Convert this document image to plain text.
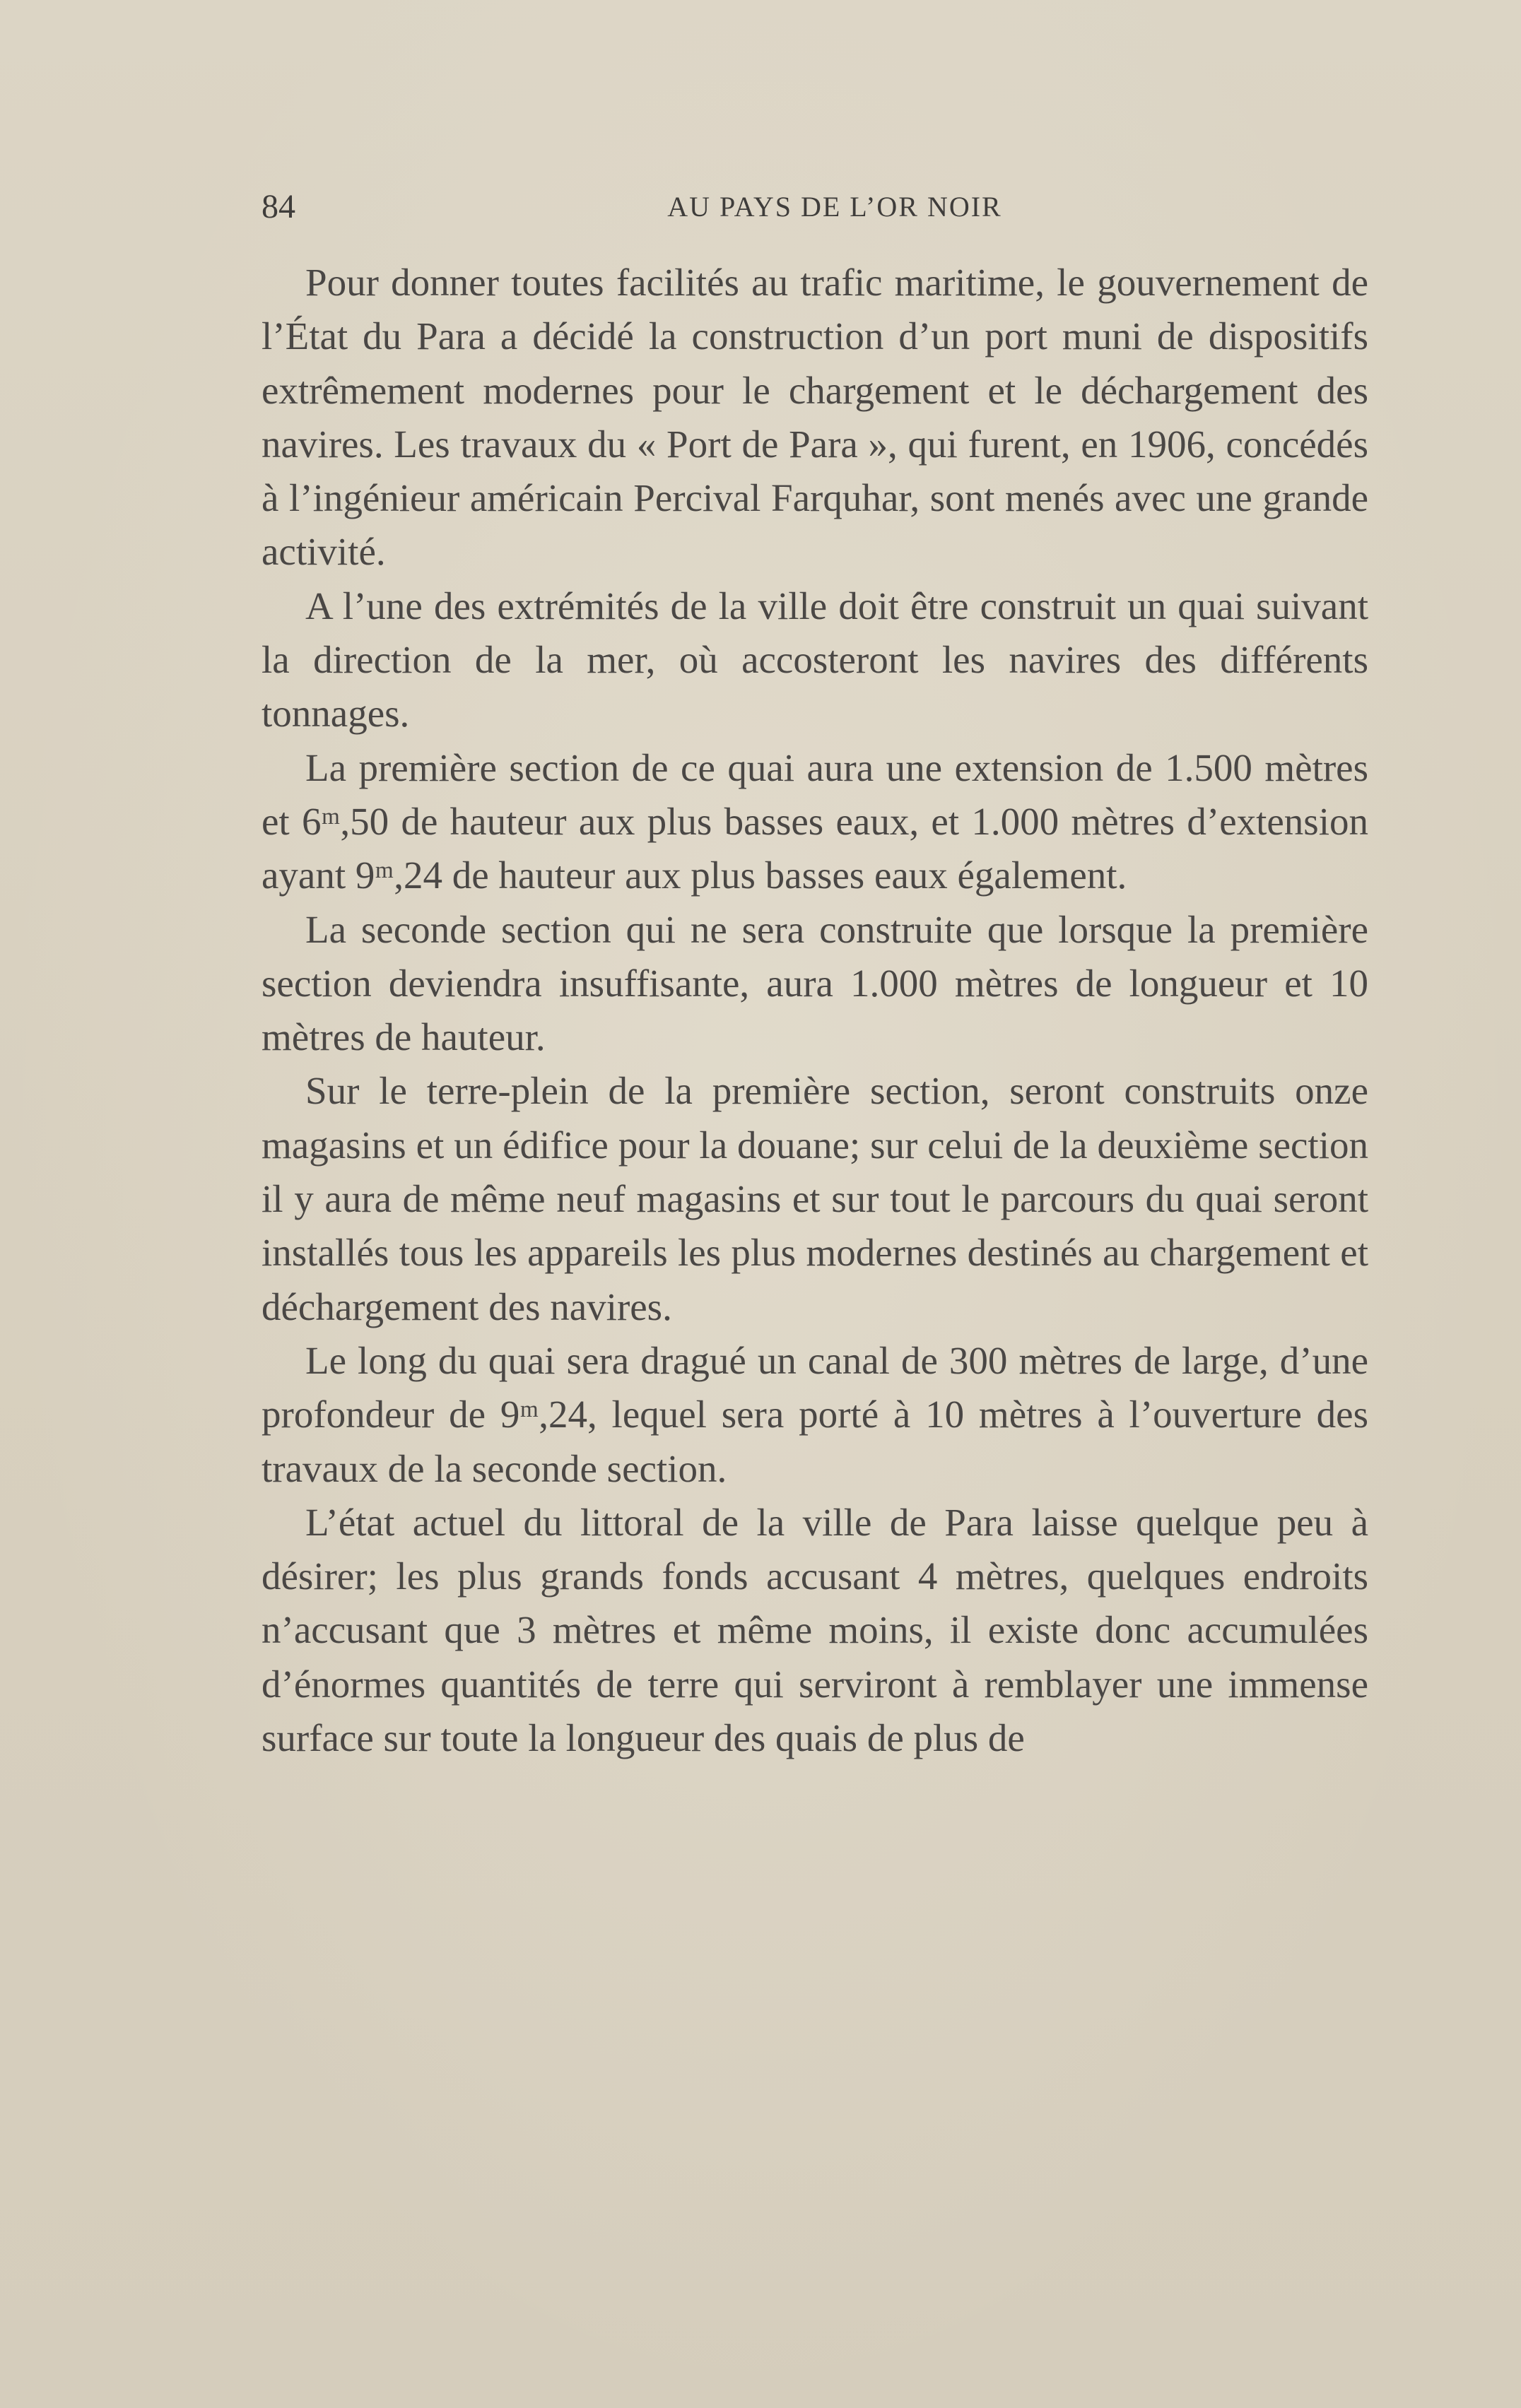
84	AU PAYS DE L’OR NOIR

Pour donner toutes facilités au trafic maritime, le gouvernement de l’État du Para a décidé la construction d’un port muni de dispositifs extrêmement modernes pour le chargement et le déchargement des navires. Les travaux du « Port de Para », qui furent, en 1906, concédés à l’ingénieur américain Percival Farquhar, sont menés avec une grande activité.

A l’une des extrémités de la ville doit être construit un quai suivant la direction de la mer, où accosteront les navires des différents tonnages.

La première section de ce quai aura une extension de 1.500 mètres et 6ᵐ,50 de hauteur aux plus basses eaux, et 1.000 mètres d’extension ayant 9ᵐ,24 de hauteur aux plus basses eaux également.

La seconde section qui ne sera construite que lorsque la première section deviendra insuffisante, aura 1.000 mètres de longueur et 10 mètres de hauteur.

Sur le terre-plein de la première section, seront construits onze magasins et un édifice pour la douane; sur celui de la deuxième section il y aura de même neuf magasins et sur tout le parcours du quai seront installés tous les appareils les plus modernes destinés au chargement et déchargement des navires.

Le long du quai sera dragué un canal de 300 mètres de large, d’une profondeur de 9ᵐ,24, lequel sera porté à 10 mètres à l’ouverture des travaux de la seconde section.

L’état actuel du littoral de la ville de Para laisse quelque peu à désirer; les plus grands fonds accusant 4 mètres, quelques endroits n’accusant que 3 mètres et même moins, il existe donc accumulées d’énormes quantités de terre qui serviront à remblayer une immense surface sur toute la longueur des quais de plus de
